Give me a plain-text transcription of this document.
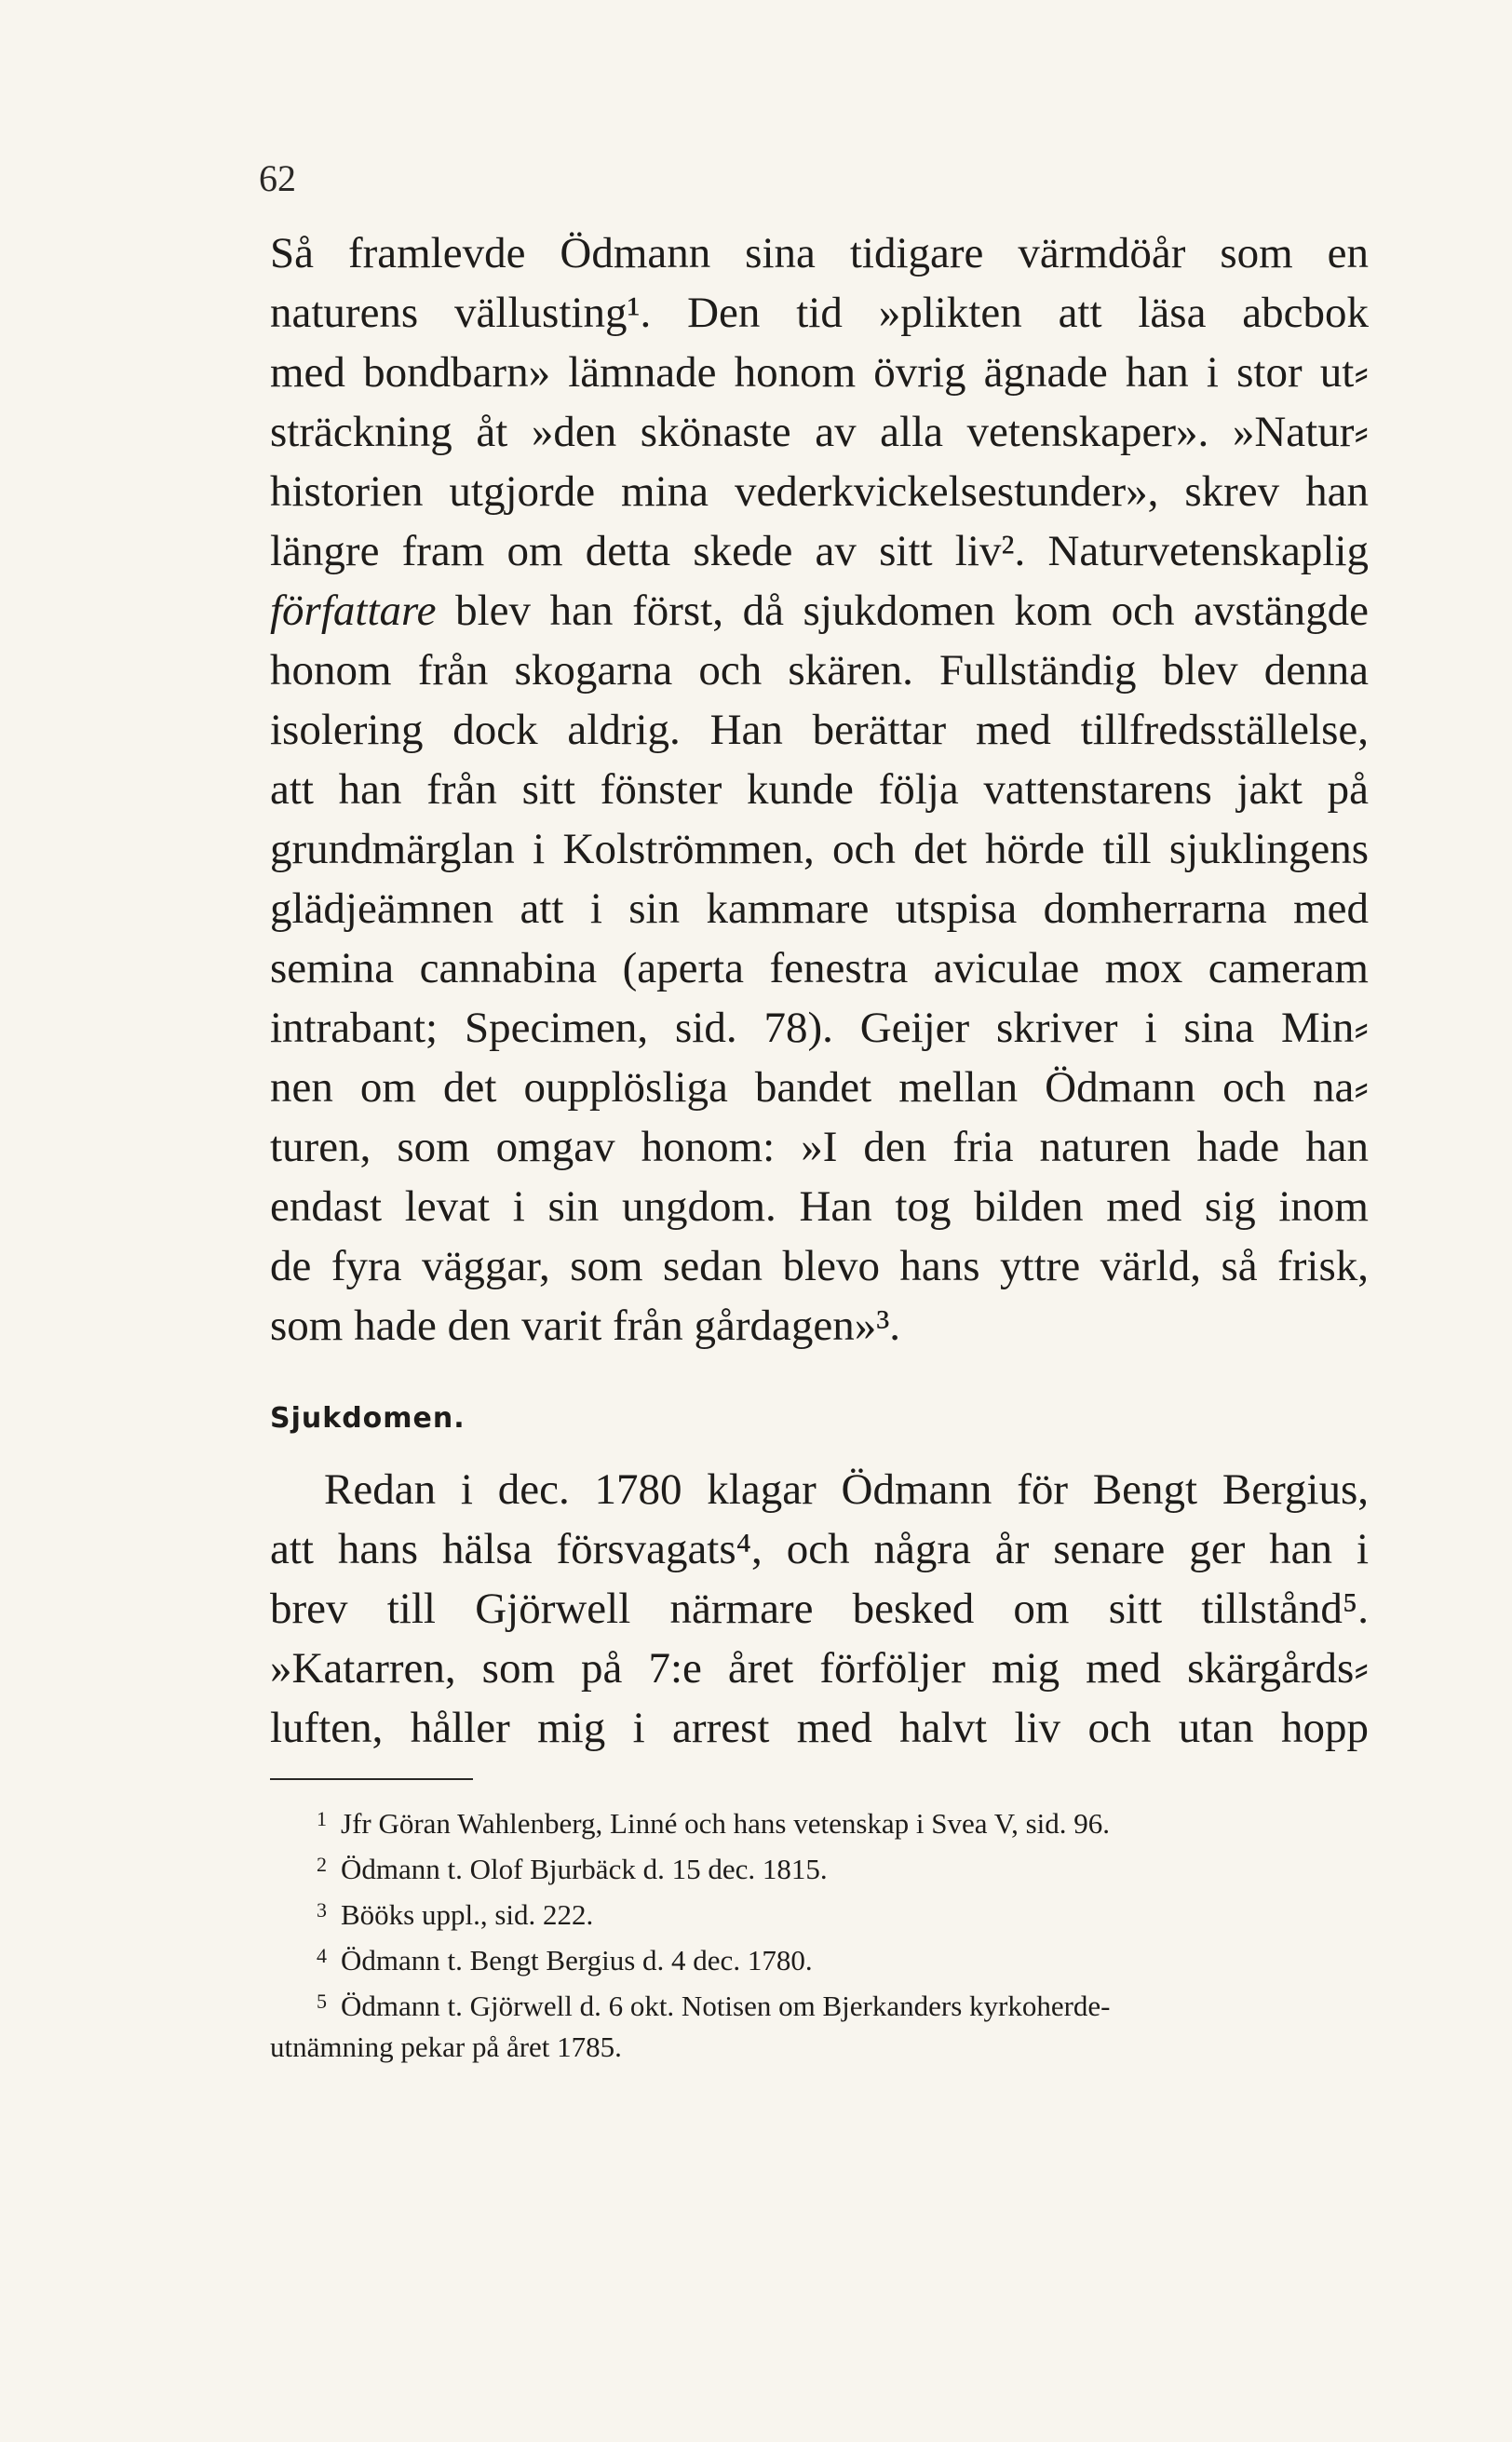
62
Så framlevde Ödmann sina tidigare värmdöår som en
naturens vällusting¹. Den tid »plikten att läsa abcbok
med bondbarn» lämnade honom övrig ägnade han i stor ut⸗
sträckning åt »den skönaste av alla vetenskaper». »Natur⸗
historien utgjorde mina vederkvickelsestunder», skrev han
längre fram om detta skede av sitt liv². Naturvetenskaplig
författare blev han först, då sjukdomen kom och avstängde
honom från skogarna och skären. Fullständig blev denna
isolering dock aldrig. Han berättar med tillfredsställelse,
att han från sitt fönster kunde följa vattenstarens jakt på
grundmärglan i Kolströmmen, och det hörde till sjuklingens
glädjeämnen att i sin kammare utspisa domherrarna med
semina cannabina (aperta fenestra aviculae mox cameram
intrabant; Specimen, sid. 78). Geijer skriver i sina Min⸗
nen om det oupplösliga bandet mellan Ödmann och na⸗
turen, som omgav honom: »I den fria naturen hade han
endast levat i sin ungdom. Han tog bilden med sig inom
de fyra väggar, som sedan blevo hans yttre värld, så frisk,
som hade den varit från gårdagen»³.
Sjukdomen.
Redan i dec. 1780 klagar Ödmann för Bengt Bergius,
att hans hälsa försvagats⁴, och några år senare ger han i
brev till Gjörwell närmare besked om sitt tillstånd⁵.
»Katarren, som på 7:e året förföljer mig med skärgårds⸗
luften, håller mig i arrest med halvt liv och utan hopp
1 Jfr Göran Wahlenberg, Linné och hans vetenskap i Svea V, sid. 96.
2 Ödmann t. Olof Bjurbäck d. 15 dec. 1815.
3 Bööks uppl., sid. 222.
4 Ödmann t. Bengt Bergius d. 4 dec. 1780.
5 Ödmann t. Gjörwell d. 6 okt. Notisen om Bjerkanders kyrkoherde-
utnämning pekar på året 1785.
